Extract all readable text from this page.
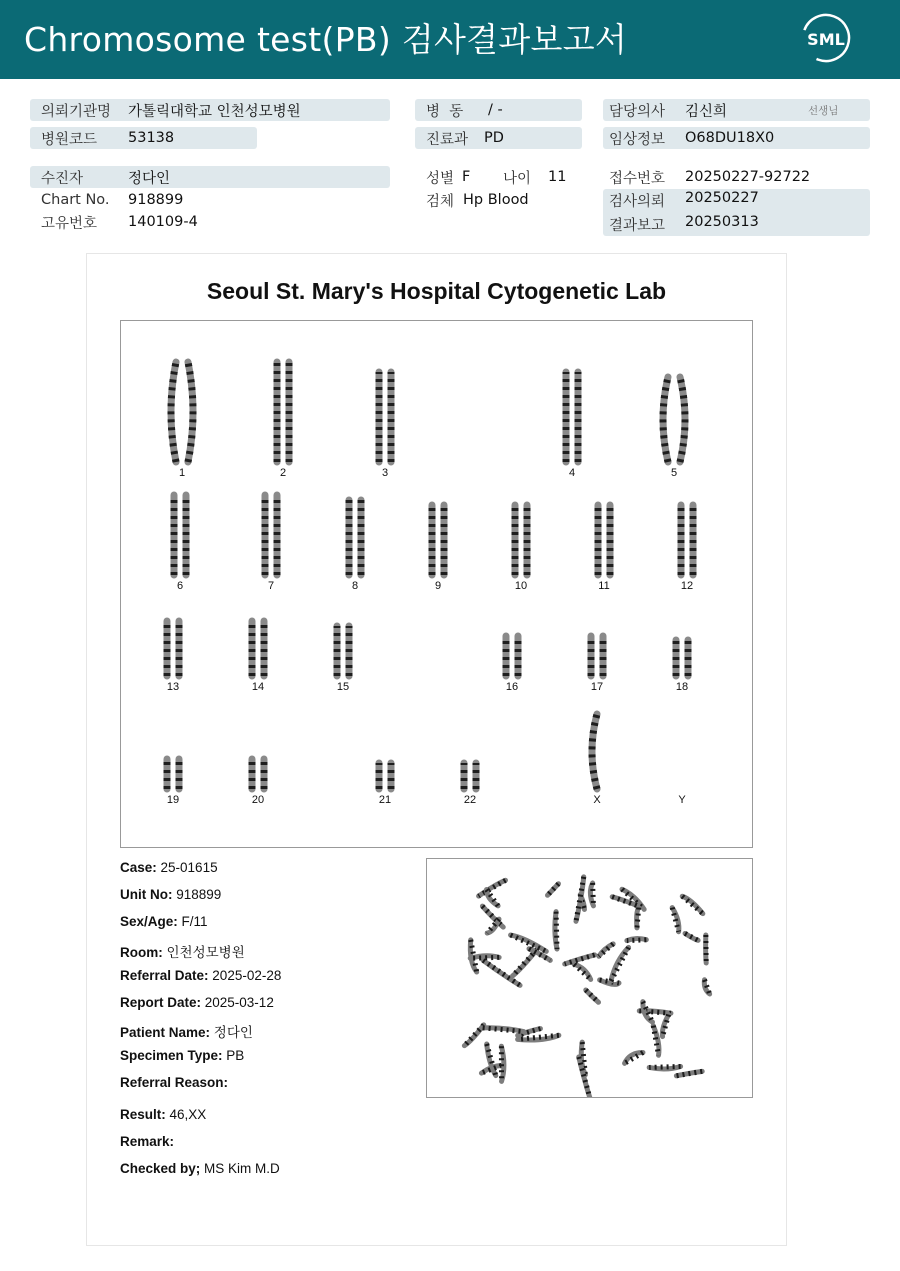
Chromosome test(PB) 검사결과보고서	SML
의뢰기관명 가톨릭대학교 인천성모병원
병원코드 53138
수진자	정다인
Chart No. 918899
고유번호 140109-4
병  동 / -
진료과 PD
성별 F 나이 11
검체 Hp Blood
담당의사 김신희	선생님
임상정보 O68DU18X0
접수번호 20250227-92722
검사의뢰 20250227
결과보고 20250313
Seoul St. Mary's Hospital Cytogenetic Lab
1	2	3	4	5
6	7	8	9	10	11	12
13	14	15	16	17	18
19	20	21	22	X	Y
Case: 25-01615
Unit No: 918899
Sex/Age: F/11
Room: 인천성모병원
Referral Date: 2025-02-28
Report Date: 2025-03-12
Patient Name: 정다인
Specimen Type: PB
Referral Reason:
Result: 46,XX
Remark:
Checked by; MS Kim M.D
